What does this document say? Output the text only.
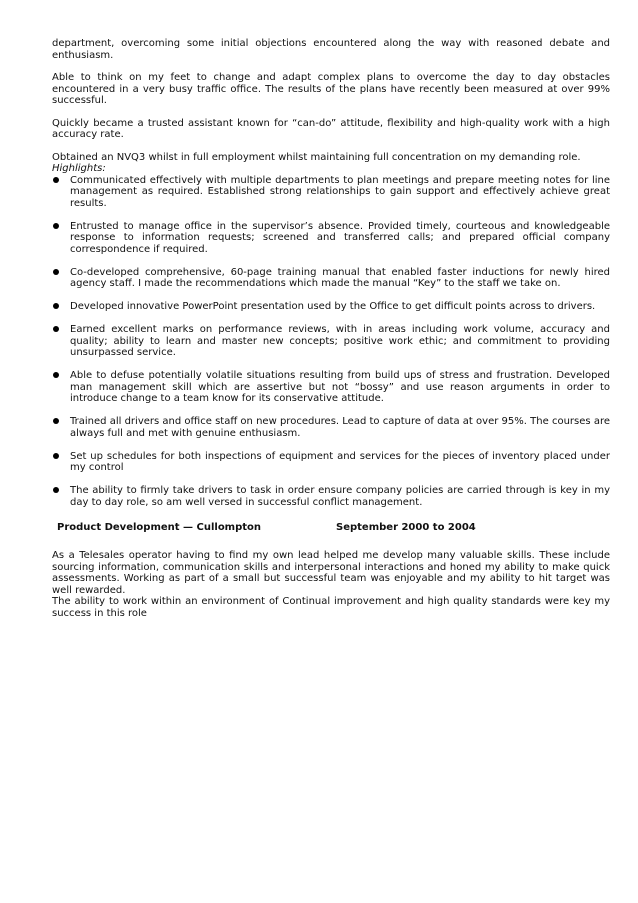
department, overcoming some initial objections encountered along the way with reasoned debate and enthusiasm.

Able to think on my feet to change and adapt complex plans to overcome the day to day obstacles encountered in a very busy traffic office. The results of the plans have recently been measured at over 99% successful.

Quickly became a trusted assistant known for “can-do” attitude, flexibility and high-quality work with a high accuracy rate.

Obtained an NVQ3 whilst in full employment whilst maintaining full concentration on my demanding role.

Highlights:

Communicated effectively with multiple departments to plan meetings and prepare meeting notes for line management as required. Established strong relationships to gain support and effectively achieve great results.
Entrusted to manage office in the supervisor’s absence. Provided timely, courteous and knowledgeable response to information requests; screened and transferred calls; and prepared official company correspondence if required.
Co-developed comprehensive, 60-page training manual that enabled faster inductions for newly hired agency staff. I made the recommendations which made the manual “Key” to the staff we take on.
Developed innovative PowerPoint presentation used by the Office to get difficult points across to drivers.
Earned excellent marks on performance reviews, with in areas including work volume, accuracy and quality; ability to learn and master new concepts; positive work ethic; and commitment to providing unsurpassed service.
Able to defuse potentially volatile situations resulting from build ups of stress and frustration. Developed man management skill which are assertive but not “bossy” and use reason arguments in order to introduce change to a team know for its conservative attitude.
Trained all drivers and office staff on new procedures. Lead to capture of data at over 95%. The courses are always full and met with genuine enthusiasm.
Set up schedules for both inspections of equipment and services for the pieces of inventory placed under my control
The ability to firmly take drivers to task in order ensure company policies are carried through is key in my day to day role, so am well versed in successful conflict management.
Product Development — Cullompton	September 2000 to 2004

As a Telesales operator having to find my own lead helped me develop many valuable skills. These include sourcing information, communication skills and interpersonal interactions and honed my ability to make quick assessments. Working as part of a small but successful team was enjoyable and my ability to hit target was well rewarded.

The ability to work within an environment of Continual improvement and high quality standards were key my success in this role
